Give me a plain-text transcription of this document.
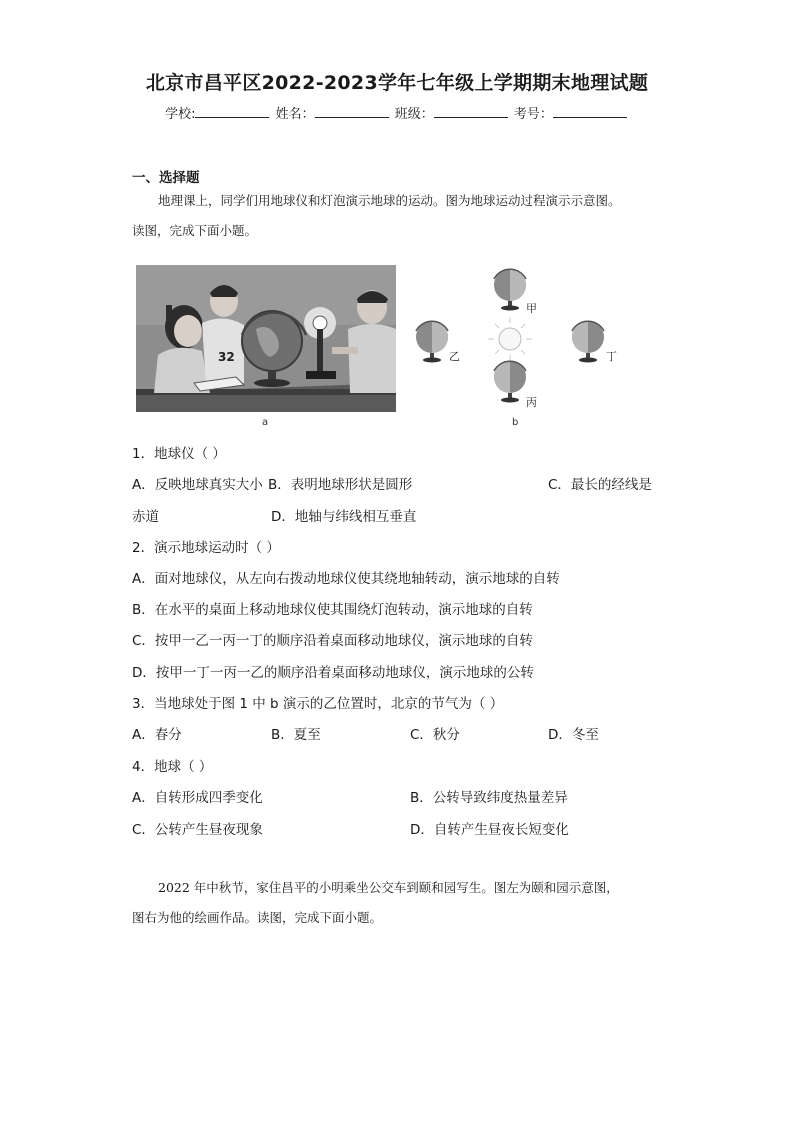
北京市昌平区2022-2023学年七年级上学期期末地理试题
学校:	姓名：	班级：	考号：
一、选择题

地理课上，同学们用地球仪和灯泡演示地球的运动。图为地球运动过程演示示意图。

读图，完成下面小题。

32
a
甲
乙
丙
丁
b
1．地球仪（ ）
A．反映地球真实大小 B．表明地球形状是圆形	C．最长的经线是
赤道	D．地轴与纬线相互垂直
2．演示地球运动时（ ）
A．面对地球仪，从左向右拨动地球仪使其绕地轴转动，演示地球的自转
B．在水平的桌面上移动地球仪使其围绕灯泡转动，演示地球的自转
C．按甲一乙一丙一丁的顺序沿着桌面移动地球仪，演示地球的自转
D．按甲一丁一丙一乙的顺序沿着桌面移动地球仪，演示地球的公转
3．当地球处于图 1 中 b 演示的乙位置时，北京的节气为（ ）
A．春分	B．夏至	C．秋分	D．冬至
4．地球（ ）
A．自转形成四季变化	B．公转导致纬度热量差异
C．公转产生昼夜现象	D．自转产生昼夜长短变化

2022 年中秋节，家住昌平的小明乘坐公交车到颐和园写生。图左为颐和园示意图，

图右为他的绘画作品。读图，完成下面小题。
